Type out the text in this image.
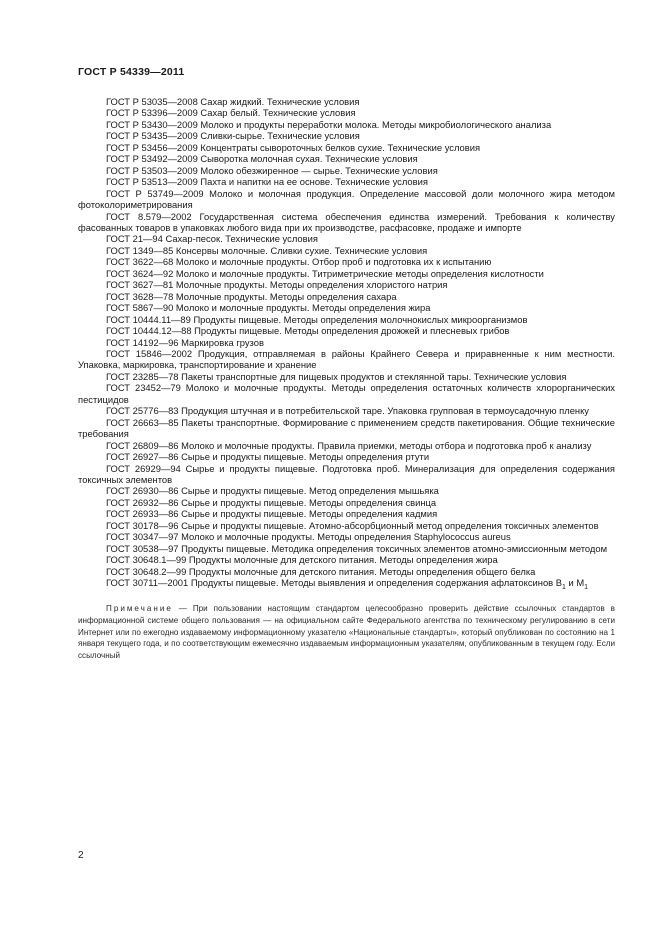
ГОСТ Р 54339—2011

ГОСТ Р 53035—2008 Сахар жидкий. Технические условия

ГОСТ Р 53396—2009 Сахар белый. Технические условия

ГОСТ Р 53430—2009 Молоко и продукты переработки молока. Методы микробиологического анализа

ГОСТ Р 53435—2009 Сливки-сырье. Технические условия

ГОСТ Р 53456—2009 Концентраты сывороточных белков сухие. Технические условия

ГОСТ Р 53492—2009 Сыворотка молочная сухая. Технические условия

ГОСТ Р 53503—2009 Молоко обезжиренное — сырье. Технические условия

ГОСТ Р 53513—2009 Пахта и напитки на ее основе. Технические условия

ГОСТ Р 53749—2009 Молоко и молочная продукция. Определение массовой доли молочного жира методом фотоколориметрирования

ГОСТ 8.579—2002 Государственная система обеспечения единства измерений. Требования к количеству фасованных товаров в упаковках любого вида при их производстве, расфасовке, продаже и импорте

ГОСТ 21—94 Сахар-песок. Технические условия

ГОСТ 1349—85 Консервы молочные. Сливки сухие. Технические условия

ГОСТ 3622—68 Молоко и молочные продукты. Отбор проб и подготовка их к испытанию

ГОСТ 3624—92 Молоко и молочные продукты. Титриметрические методы определения кислотности

ГОСТ 3627—81 Молочные продукты. Методы определения хлористого натрия

ГОСТ 3628—78 Молочные продукты. Методы определения сахара

ГОСТ 5867—90 Молоко и молочные продукты. Методы определения жира

ГОСТ 10444.11—89 Продукты пищевые. Методы определения молочнокислых микроорганизмов

ГОСТ 10444.12—88 Продукты пищевые. Методы определения дрожжей и плесневых грибов

ГОСТ 14192—96 Маркировка грузов

ГОСТ 15846—2002 Продукция, отправляемая в районы Крайнего Севера и приравненные к ним местности. Упаковка, маркировка, транспортирование и хранение

ГОСТ 23285—78 Пакеты транспортные для пищевых продуктов и стеклянной тары. Технические условия

ГОСТ 23452—79 Молоко и молочные продукты. Методы определения остаточных количеств хлорорганических пестицидов

ГОСТ 25776—83 Продукция штучная и в потребительской таре. Упаковка групповая в термоусадочную пленку

ГОСТ 26663—85 Пакеты транспортные. Формирование с применением средств пакетирования. Общие технические требования

ГОСТ 26809—86 Молоко и молочные продукты. Правила приемки, методы отбора и подготовка проб к анализу

ГОСТ 26927—86 Сырье и продукты пищевые. Методы определения ртути

ГОСТ 26929—94 Сырье и продукты пищевые. Подготовка проб. Минерализация для определения содержания токсичных элементов

ГОСТ 26930—86 Сырье и продукты пищевые. Метод определения мышьяка

ГОСТ 26932—86 Сырье и продукты пищевые. Методы определения свинца

ГОСТ 26933—86 Сырье и продукты пищевые. Методы определения кадмия

ГОСТ 30178—96 Сырье и продукты пищевые. Атомно-абсорбционный метод определения токсичных элементов

ГОСТ 30347—97 Молоко и молочные продукты. Методы определения Staphylococcus aureus

ГОСТ 30538—97 Продукты пищевые. Методика определения токсичных элементов атомно-эмиссионным методом

ГОСТ 30648.1—99 Продукты молочные для детского питания. Методы определения жира

ГОСТ 30648.2—99 Продукты молочные для детского питания. Методы определения общего белка

ГОСТ 30711—2001 Продукты пищевые. Методы выявления и определения содержания афлатоксинов $B_1$ и $M_1$

Примечание — При пользовании настоящим стандартом целесообразно проверить действие ссылочных стандартов в информационной системе общего пользования — на официальном сайте Федерального агентства по техническому регулированию в сети Интернет или по ежегодно издаваемому информационному указателю «Национальные стандарты», который опубликован по состоянию на 1 января текущего года, и по соответствующим ежемесячно издаваемым информационным указателям, опубликованным в текущем году. Если ссылочный

2
